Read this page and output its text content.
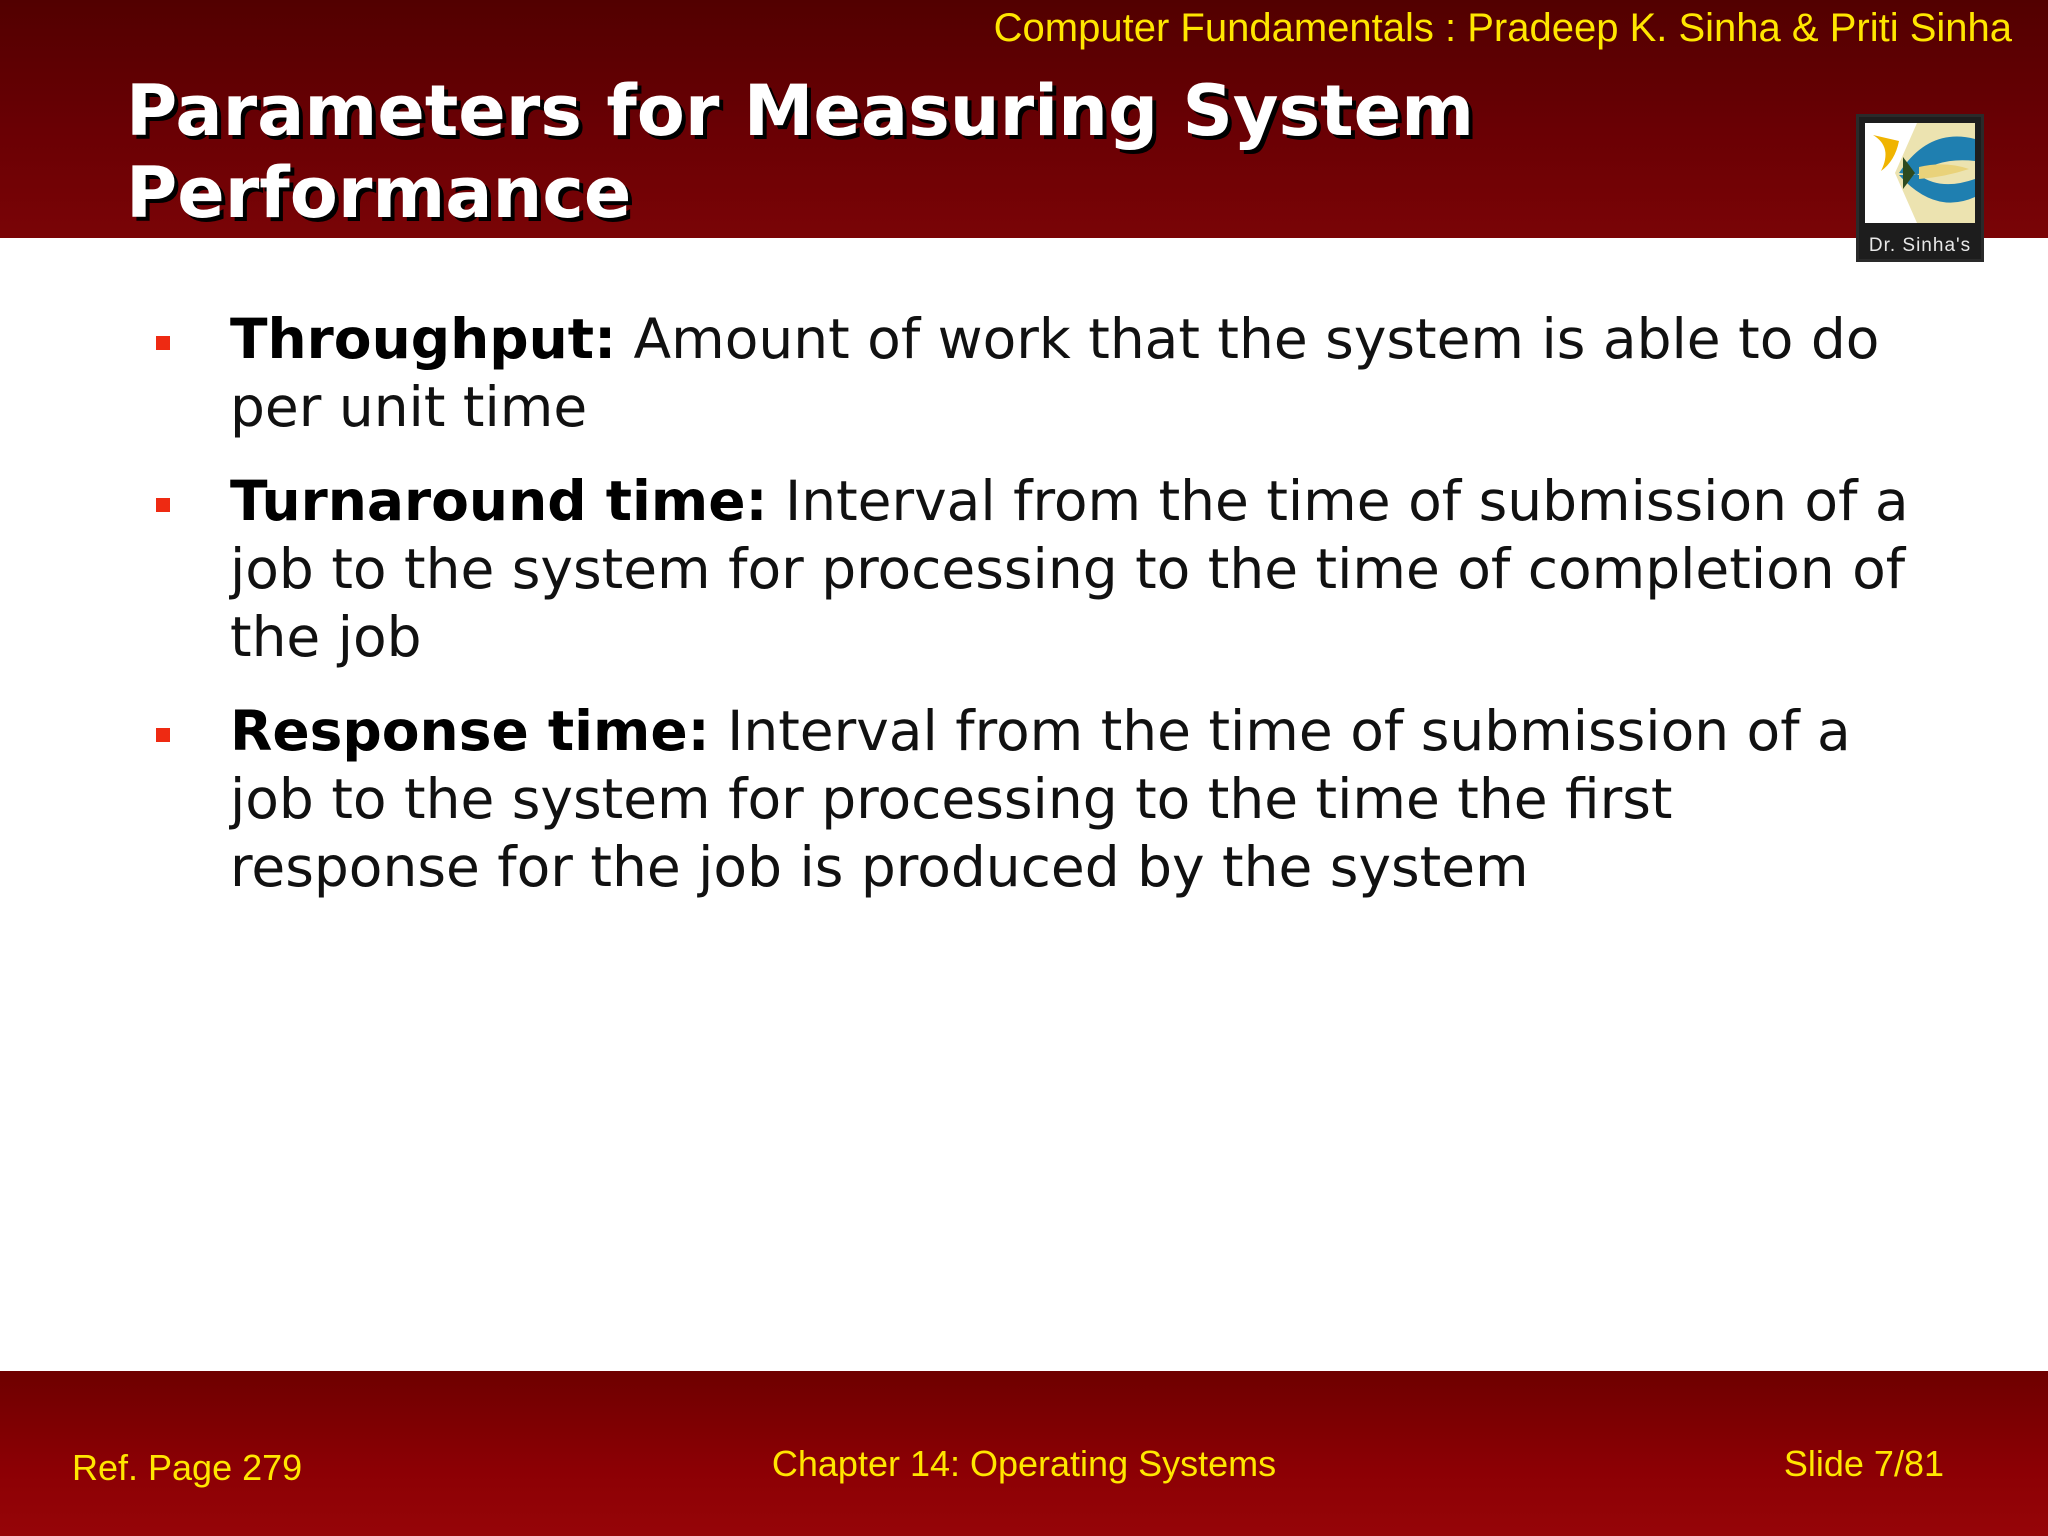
Computer Fundamentals : Pradeep K. Sinha & Priti Sinha
Parameters for Measuring System
Performance
Dr. Sinha's
Throughput: Amount of work that the system is able to do per unit time
Turnaround time: Interval from the time of submission of a job to the system for processing to the time of completion of the job
Response time: Interval from the time of submission of a job to the system for processing to the time the first response for the job is produced by the system
Ref. Page 279	Chapter 14: Operating Systems	Slide 7/81
